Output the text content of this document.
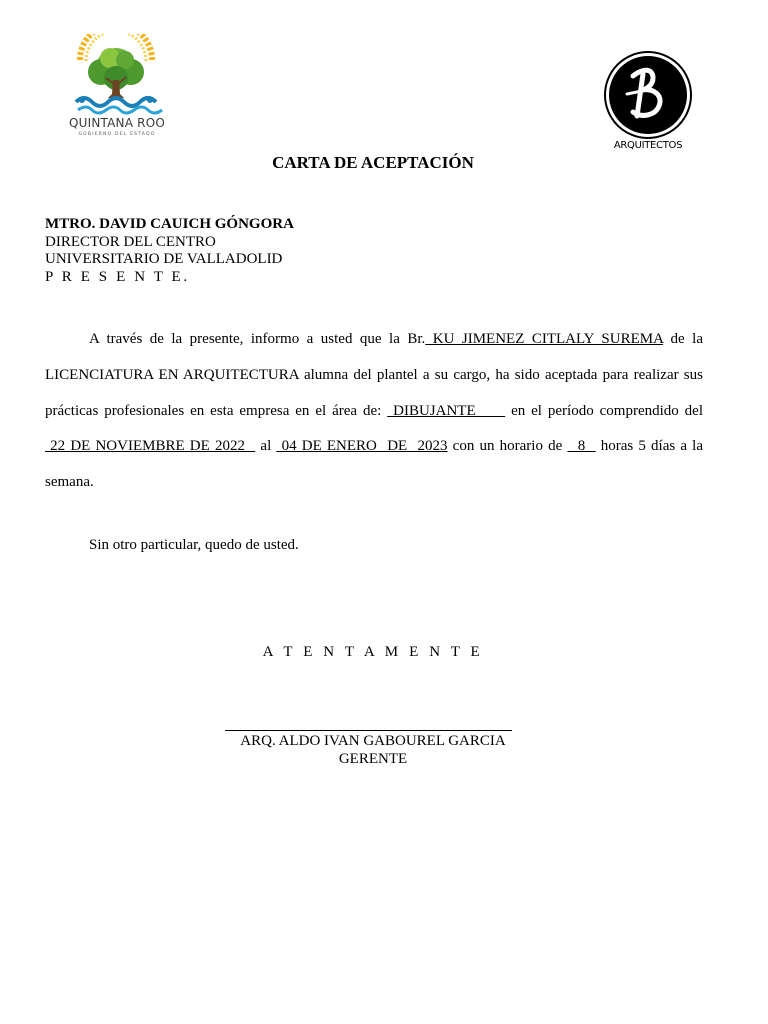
QUINTANA ROO
GOBIERNO DEL ESTADO
ARQUITECTOS
CARTA DE ACEPTACIÓN
MTRO. DAVID CAUICH GÓNGORA
DIRECTOR DEL CENTRO
UNIVERSITARIO DE VALLADOLID
P R E S E N T E.
A través de la presente, informo a usted que la Br. KU JIMENEZ CITLALY SUREMA de la LICENCIATURA EN ARQUITECTURA alumna del plantel a su cargo, ha sido aceptada para realizar sus prácticas profesionales en esta empresa en el área de:  DIBUJANTE      en el período comprendido del 22 DE NOVIEMBRE DE 2022   al  04 DE ENERO  DE  2023 con un horario de   8   horas 5 días a la semana.
Sin otro particular, quedo de usted.
A T E N T A M E N T E
ARQ. ALDO IVAN GABOUREL GARCIA
GERENTE
